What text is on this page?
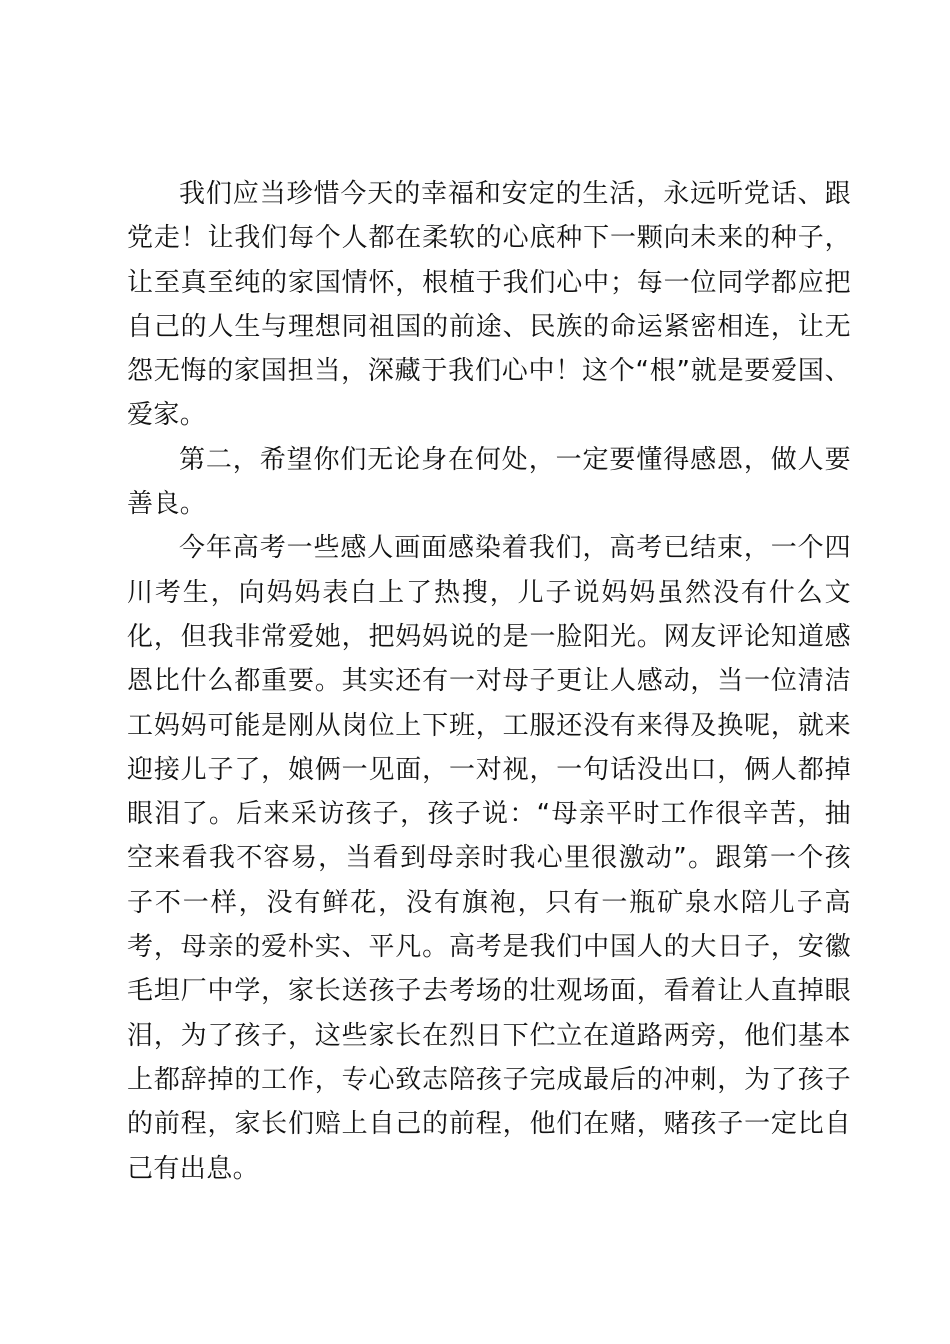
我们应当珍惜今天的幸福和安定的生活，永远听党话、跟党走！让我们每个人都在柔软的心底种下一颗向未来的种子，让至真至纯的家国情怀，根植于我们心中；每一位同学都应把自己的人生与理想同祖国的前途、民族的命运紧密相连，让无怨无悔的家国担当，深藏于我们心中！这个“根”就是要爱国、爱家。

第二，希望你们无论身在何处，一定要懂得感恩，做人要善良。

今年高考一些感人画面感染着我们，高考已结束，一个四川考生，向妈妈表白上了热搜，儿子说妈妈虽然没有什么文化，但我非常爱她，把妈妈说的是一脸阳光。网友评论知道感恩比什么都重要。其实还有一对母子更让人感动，当一位清洁工妈妈可能是刚从岗位上下班，工服还没有来得及换呢，就来迎接儿子了，娘俩一见面，一对视，一句话没出口，俩人都掉眼泪了。后来采访孩子，孩子说：“母亲平时工作很辛苦，抽空来看我不容易，当看到母亲时我心里很激动”。跟第一个孩子不一样，没有鲜花，没有旗袍，只有一瓶矿泉水陪儿子高考，母亲的爱朴实、平凡。高考是我们中国人的大日子，安徽毛坦厂中学，家长送孩子去考场的壮观场面，看着让人直掉眼泪，为了孩子，这些家长在烈日下伫立在道路两旁，他们基本上都辞掉的工作，专心致志陪孩子完成最后的冲刺，为了孩子的前程，家长们赔上自己的前程，他们在赌，赌孩子一定比自己有出息。
